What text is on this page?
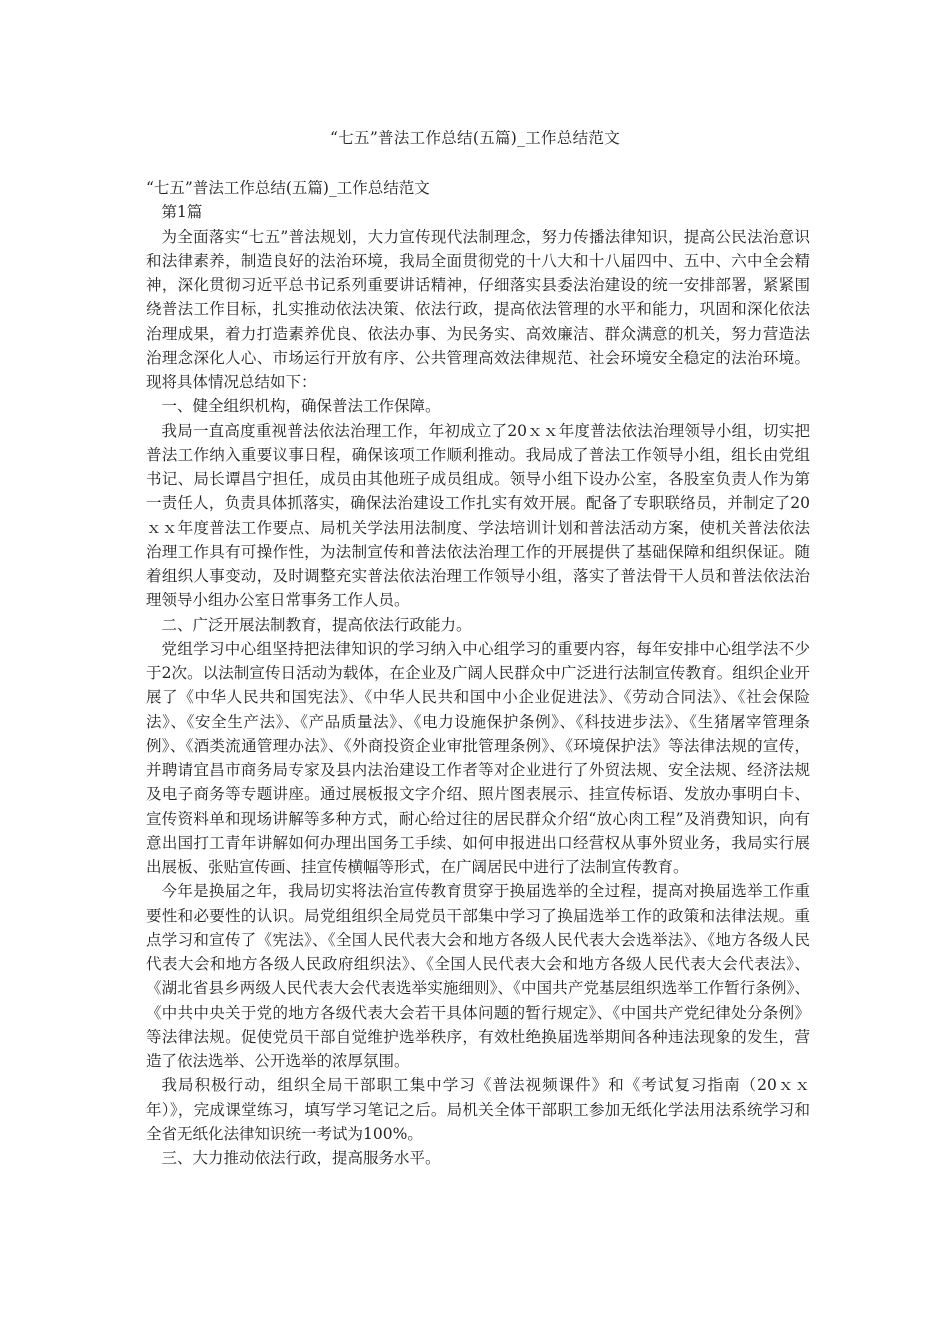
“七五”普法工作总结(五篇)_工作总结范文

“七五”普法工作总结(五篇)_工作总结范文

第1篇

为全面落实“七五”普法规划，大力宣传现代法制理念，努力传播法律知识，提高公民法治意识和法律素养，制造良好的法治环境，我局全面贯彻党的十八大和十八届四中、五中、六中全会精神，深化贯彻习近平总书记系列重要讲话精神，仔细落实县委法治建设的统一安排部署，紧紧围绕普法工作目标，扎实推动依法决策、依法行政，提高依法管理的水平和能力，巩固和深化依法治理成果，着力打造素养优良、依法办事、为民务实、高效廉洁、群众满意的机关，努力营造法治理念深化人心、市场运行开放有序、公共管理高效法律规范、社会环境安全稳定的法治环境。现将具体情况总结如下：

一、健全组织机构，确保普法工作保障。

我局一直高度重视普法依法治理工作，年初成立了20ｘｘ年度普法依法治理领导小组，切实把普法工作纳入重要议事日程，确保该项工作顺利推动。我局成了普法工作领导小组，组长由党组书记、局长谭昌宁担任，成员由其他班子成员组成。领导小组下设办公室，各股室负责人作为第一责任人，负责具体抓落实，确保法治建设工作扎实有效开展。配备了专职联络员，并制定了20ｘｘ年度普法工作要点、局机关学法用法制度、学法培训计划和普法活动方案，使机关普法依法治理工作具有可操作性，为法制宣传和普法依法治理工作的开展提供了基础保障和组织保证。随着组织人事变动，及时调整充实普法依法治理工作领导小组，落实了普法骨干人员和普法依法治理领导小组办公室日常事务工作人员。

二、广泛开展法制教育，提高依法行政能力。

党组学习中心组坚持把法律知识的学习纳入中心组学习的重要内容，每年安排中心组学法不少于2次。以法制宣传日活动为载体，在企业及广阔人民群众中广泛进行法制宣传教育。组织企业开展了《中华人民共和国宪法》、《中华人民共和国中小企业促进法》、《劳动合同法》、《社会保险法》、《安全生产法》、《产品质量法》、《电力设施保护条例》、《科技进步法》、《生猪屠宰管理条例》、《酒类流通管理办法》、《外商投资企业审批管理条例》、《环境保护法》等法律法规的宣传，并聘请宜昌市商务局专家及县内法治建设工作者等对企业进行了外贸法规、安全法规、经济法规及电子商务等专题讲座。通过展板报文字介绍、照片图表展示、挂宣传标语、发放办事明白卡、宣传资料单和现场讲解等多种方式，耐心给过往的居民群众介绍“放心肉工程”及消费知识，向有意出国打工青年讲解如何办理出国务工手续、如何申报进出口经营权从事外贸业务，我局实行展出展板、张贴宣传画、挂宣传横幅等形式，在广阔居民中进行了法制宣传教育。

今年是换届之年，我局切实将法治宣传教育贯穿于换届选举的全过程，提高对换届选举工作重要性和必要性的认识。局党组组织全局党员干部集中学习了换届选举工作的政策和法律法规。重点学习和宣传了《宪法》、《全国人民代表大会和地方各级人民代表大会选举法》、《地方各级人民代表大会和地方各级人民政府组织法》、《全国人民代表大会和地方各级人民代表大会代表法》、《湖北省县乡两级人民代表大会代表选举实施细则》、《中国共产党基层组织选举工作暂行条例》、《中共中央关于党的地方各级代表大会若干具体问题的暂行规定》、《中国共产党纪律处分条例》等法律法规。促使党员干部自觉维护选举秩序，有效杜绝换届选举期间各种违法现象的发生，营造了依法选举、公开选举的浓厚氛围。

我局积极行动，组织全局干部职工集中学习《普法视频课件》和《考试复习指南（20ｘｘ年）》，完成课堂练习，填写学习笔记之后。局机关全体干部职工参加无纸化学法用法系统学习和全省无纸化法律知识统一考试为100%。

三、大力推动依法行政，提高服务水平。
